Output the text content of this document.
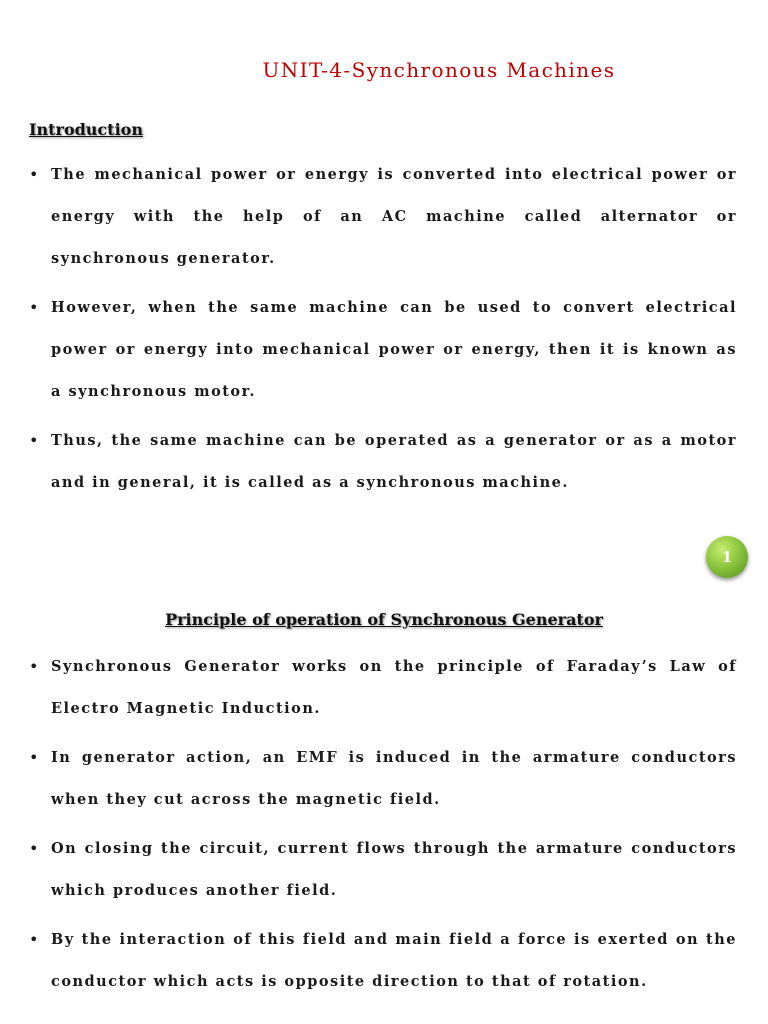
UNIT-4-Synchronous Machines
Introduction
• The mechanical power or energy is converted into electrical power or energy with the help of an AC machine called alternator or synchronous generator.
• However, when the same machine can be used to convert electrical power or energy into mechanical power or energy, then it is known as a synchronous motor.
• Thus, the same machine can be operated as a generator or as a motor and in general, it is called as a synchronous machine.
1
Principle of operation of Synchronous Generator
• Synchronous Generator works on the principle of Faraday’s Law of Electro Magnetic Induction.
• In generator action, an EMF is induced in the armature conductors when they cut across the magnetic field.
• On closing the circuit, current flows through the armature conductors which produces another field.
• By the interaction of this field and main field a force is exerted on the conductor which acts is opposite direction to that of rotation.
